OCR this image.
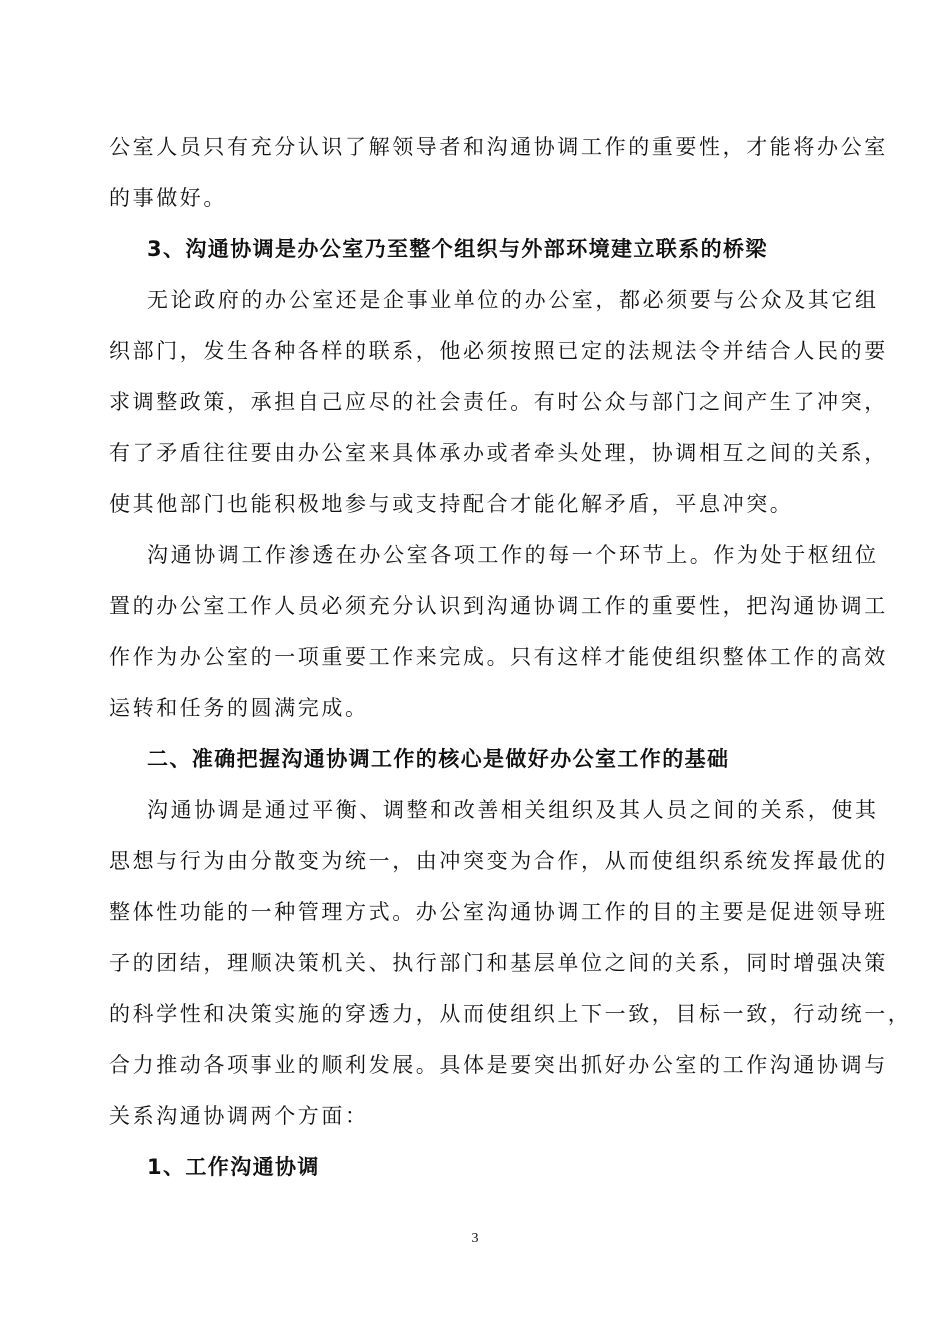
公室人员只有充分认识了解领导者和沟通协调工作的重要性，才能将办公室
的事做好。
3、沟通协调是办公室乃至整个组织与外部环境建立联系的桥梁
无论政府的办公室还是企事业单位的办公室，都必须要与公众及其它组
织部门，发生各种各样的联系，他必须按照已定的法规法令并结合人民的要
求调整政策，承担自己应尽的社会责任。有时公众与部门之间产生了冲突，
有了矛盾往往要由办公室来具体承办或者牵头处理，协调相互之间的关系，
使其他部门也能积极地参与或支持配合才能化解矛盾，平息冲突。
沟通协调工作渗透在办公室各项工作的每一个环节上。作为处于枢纽位
置的办公室工作人员必须充分认识到沟通协调工作的重要性，把沟通协调工
作作为办公室的一项重要工作来完成。只有这样才能使组织整体工作的高效
运转和任务的圆满完成。
二、准确把握沟通协调工作的核心是做好办公室工作的基础
沟通协调是通过平衡、调整和改善相关组织及其人员之间的关系，使其
思想与行为由分散变为统一，由冲突变为合作，从而使组织系统发挥最优的
整体性功能的一种管理方式。办公室沟通协调工作的目的主要是促进领导班
子的团结，理顺决策机关、执行部门和基层单位之间的关系，同时增强决策
的科学性和决策实施的穿透力，从而使组织上下一致，目标一致，行动统一，
合力推动各项事业的顺利发展。具体是要突出抓好办公室的工作沟通协调与
关系沟通协调两个方面：
1、工作沟通协调
3
